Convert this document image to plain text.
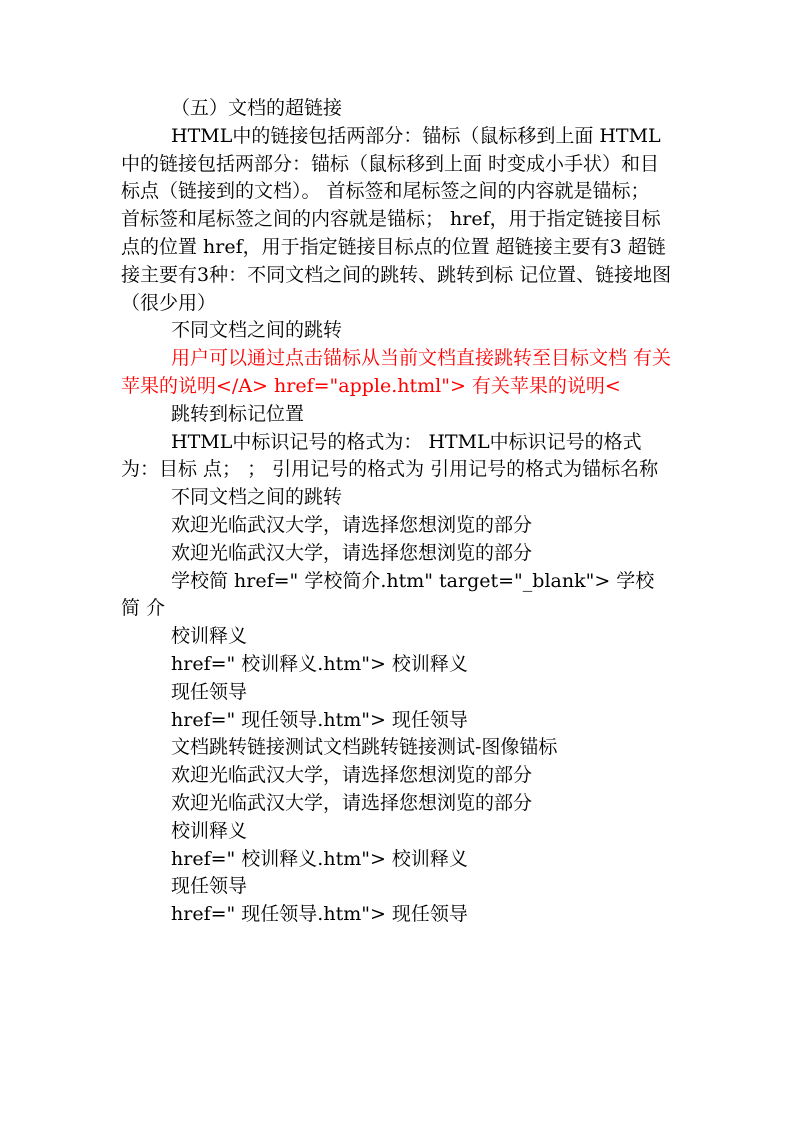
（五）文档的超链接

HTML中的链接包括两部分：锚标（鼠标移到上面 HTML中的链接包括两部分：锚标（鼠标移到上面 时变成小手状）和目标点（链接到的文档）。 首标签和尾标签之间的内容就是锚标； 首标签和尾标签之间的内容就是锚标； href，用于指定链接目标点的位置 href，用于指定链接目标点的位置 超链接主要有3 超链接主要有3种：不同文档之间的跳转、跳转到标 记位置、链接地图 （很少用）

不同文档之间的跳转

用户可以通过点击锚标从当前文档直接跳转至目标文档 有关苹果的说明</A> href="apple.html"> 有关苹果的说明<

跳转到标记位置

HTML中标识记号的格式为： HTML中标识记号的格式为：目标 点； ； 引用记号的格式为 引用记号的格式为锚标名称

不同文档之间的跳转

欢迎光临武汉大学，请选择您想浏览的部分

欢迎光临武汉大学，请选择您想浏览的部分

学校简 href=" 学校简介.htm" target="_blank"> 学校简 介

校训释义

href=" 校训释义.htm"> 校训释义

现任领导

href=" 现任领导.htm"> 现任领导

文档跳转链接测试文档跳转链接测试-图像锚标

欢迎光临武汉大学，请选择您想浏览的部分

欢迎光临武汉大学，请选择您想浏览的部分

校训释义

href=" 校训释义.htm"> 校训释义

现任领导

href=" 现任领导.htm"> 现任领导
